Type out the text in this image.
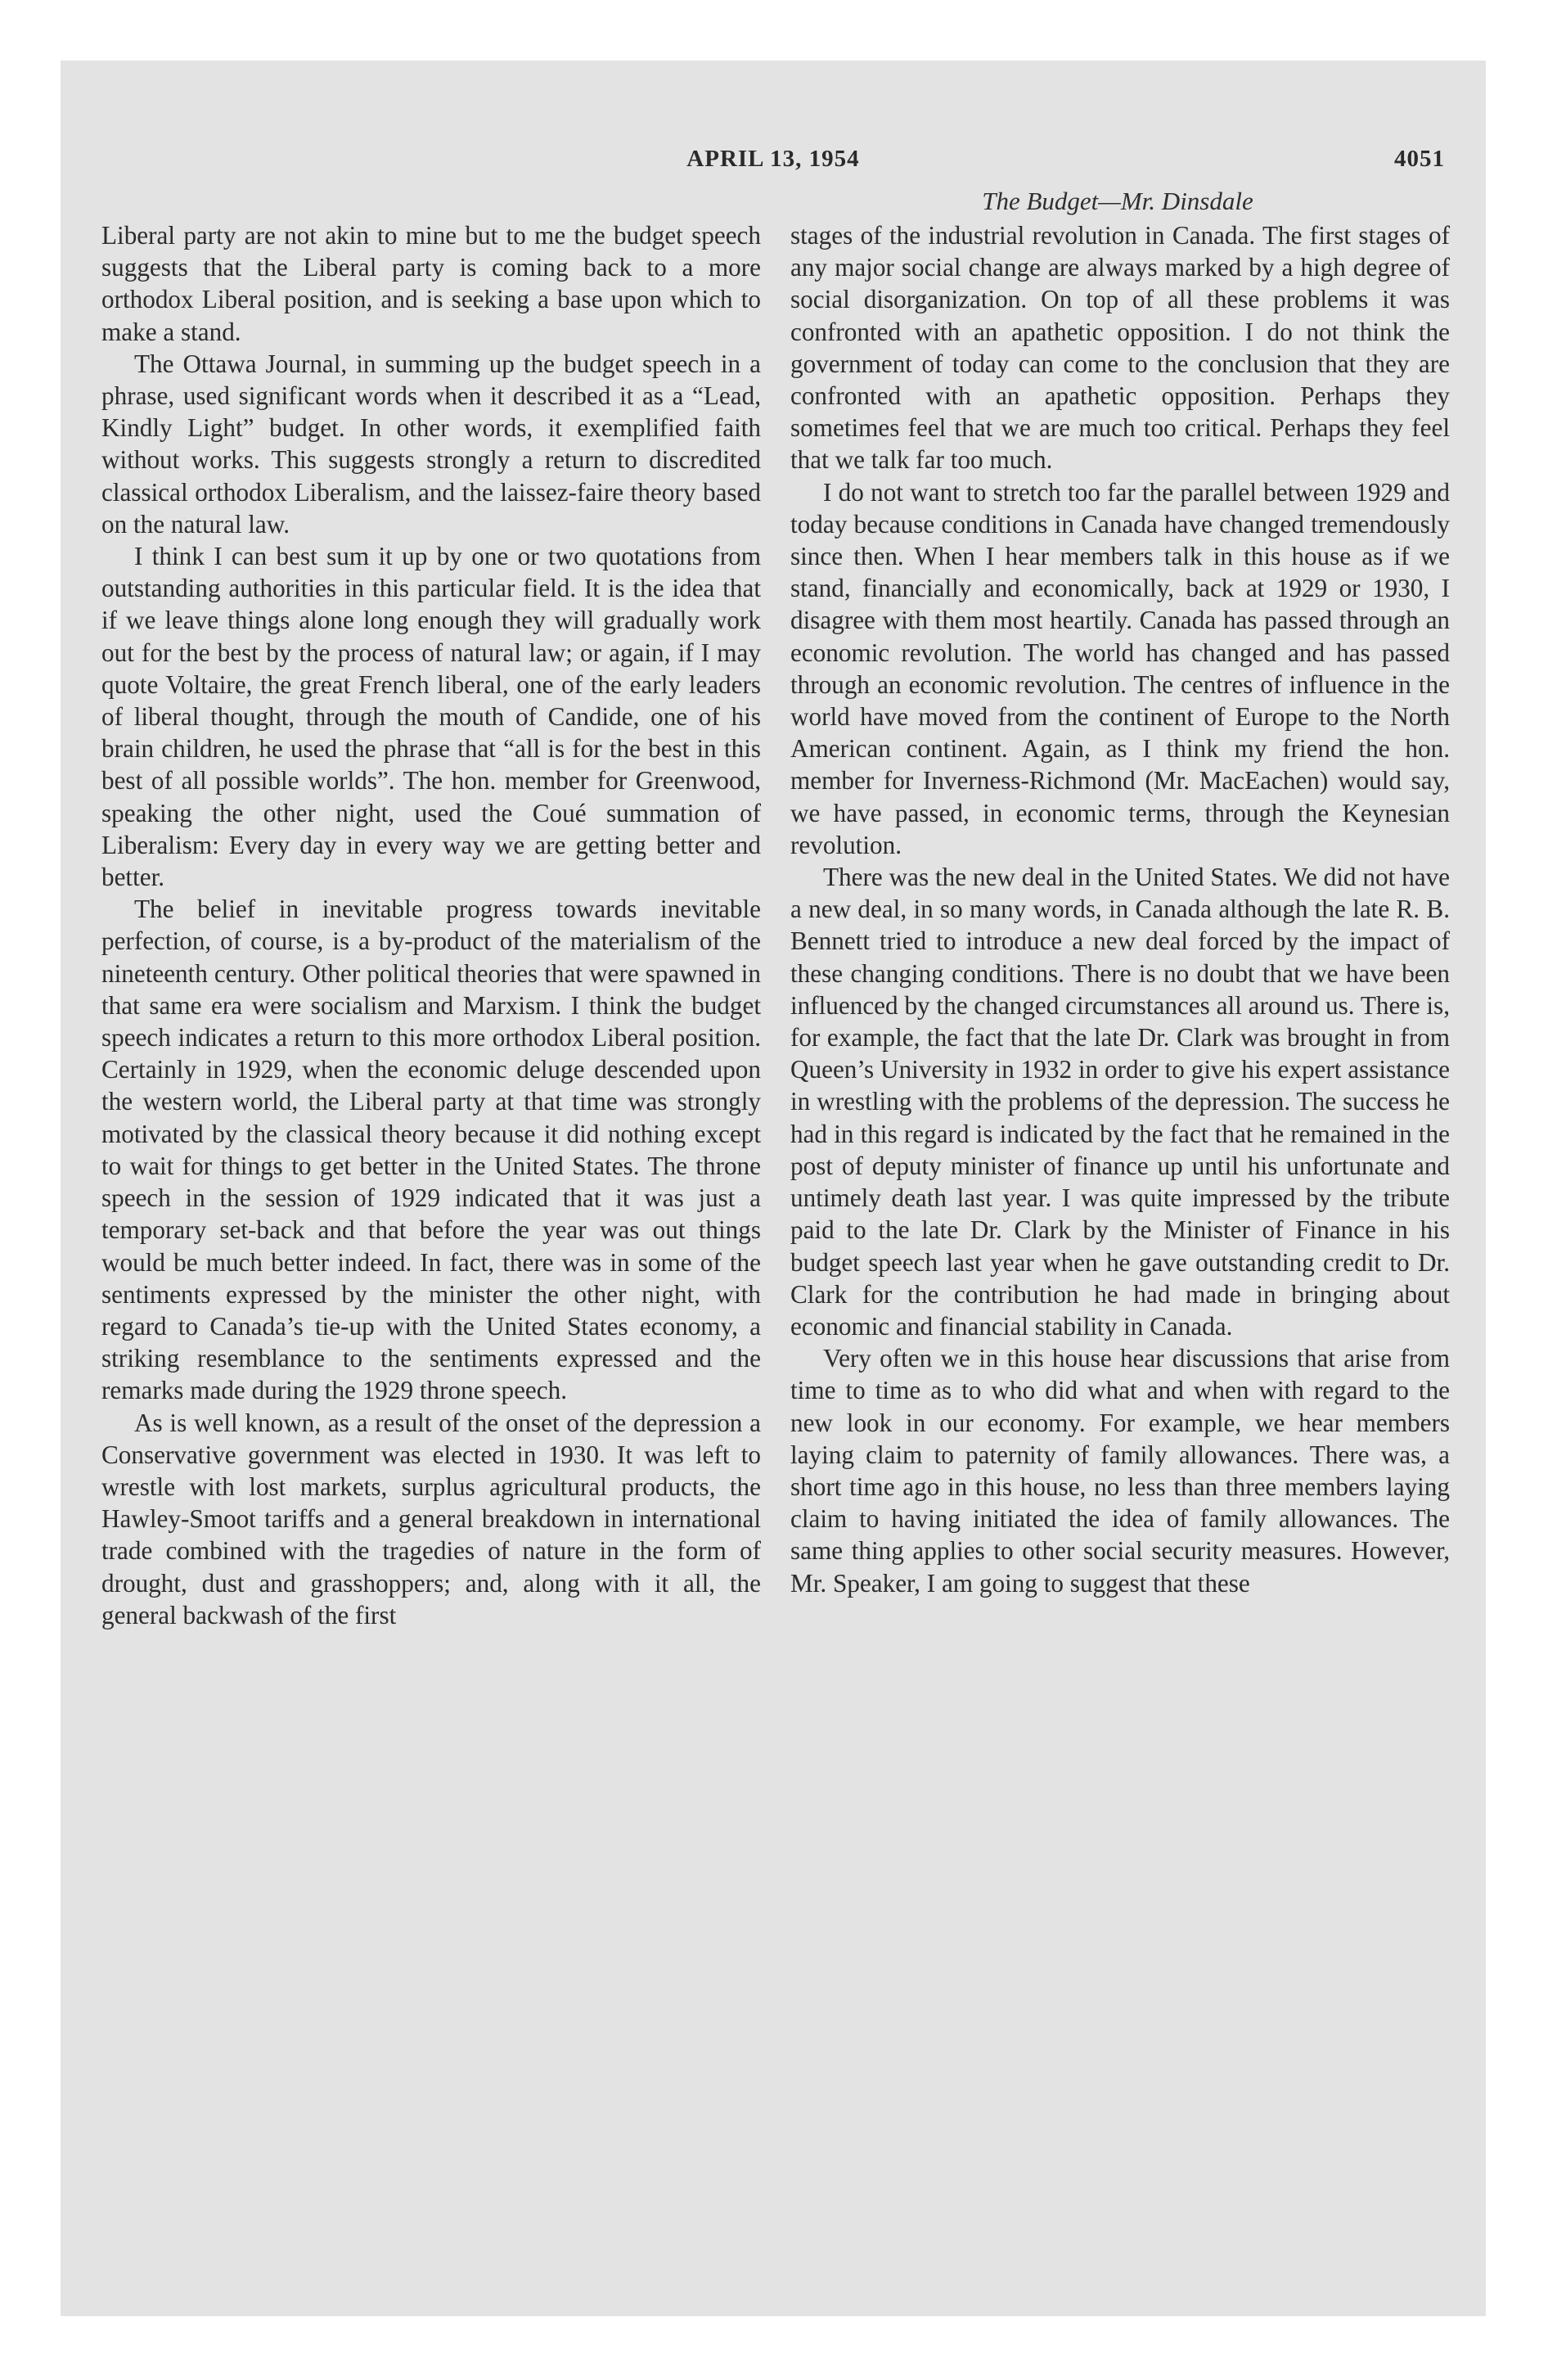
APRIL 13, 1954	4051
The Budget—Mr. Dinsdale

Liberal party are not akin to mine but to me the budget speech suggests that the Liberal party is coming back to a more orthodox Liberal position, and is seeking a base upon which to make a stand.

The Ottawa Journal, in summing up the budget speech in a phrase, used significant words when it described it as a “Lead, Kindly Light” budget. In other words, it exemplified faith without works. This suggests strongly a return to discredited classical orthodox Liberalism, and the laissez-faire theory based on the natural law.

I think I can best sum it up by one or two quotations from outstanding authorities in this particular field. It is the idea that if we leave things alone long enough they will gradually work out for the best by the process of natural law; or again, if I may quote Voltaire, the great French liberal, one of the early leaders of liberal thought, through the mouth of Candide, one of his brain children, he used the phrase that “all is for the best in this best of all possible worlds”. The hon. member for Greenwood, speaking the other night, used the Coué summation of Liberalism: Every day in every way we are getting better and better.

The belief in inevitable progress towards inevitable perfection, of course, is a by-product of the materialism of the nineteenth century. Other political theories that were spawned in that same era were socialism and Marxism. I think the budget speech indicates a return to this more orthodox Liberal position. Certainly in 1929, when the economic deluge descended upon the western world, the Liberal party at that time was strongly motivated by the classical theory because it did nothing except to wait for things to get better in the United States. The throne speech in the session of 1929 indicated that it was just a temporary set-back and that before the year was out things would be much better indeed. In fact, there was in some of the sentiments expressed by the minister the other night, with regard to Canada’s tie-up with the United States economy, a striking resemblance to the sentiments expressed and the remarks made during the 1929 throne speech.

As is well known, as a result of the onset of the depression a Conservative government was elected in 1930. It was left to wrestle with lost markets, surplus agricultural products, the Hawley-Smoot tariffs and a general breakdown in international trade combined with the tragedies of nature in the form of drought, dust and grasshoppers; and, along with it all, the general backwash of the first

stages of the industrial revolution in Canada. The first stages of any major social change are always marked by a high degree of social disorganization. On top of all these problems it was confronted with an apathetic opposition. I do not think the government of today can come to the conclusion that they are confronted with an apathetic opposition. Perhaps they sometimes feel that we are much too critical. Perhaps they feel that we talk far too much.

I do not want to stretch too far the parallel between 1929 and today because conditions in Canada have changed tremendously since then. When I hear members talk in this house as if we stand, financially and economically, back at 1929 or 1930, I disagree with them most heartily. Canada has passed through an economic revolution. The world has changed and has passed through an economic revolution. The centres of influence in the world have moved from the continent of Europe to the North American continent. Again, as I think my friend the hon. member for Inverness-Richmond (Mr. MacEachen) would say, we have passed, in economic terms, through the Keynesian revolution.

There was the new deal in the United States. We did not have a new deal, in so many words, in Canada although the late R. B. Bennett tried to introduce a new deal forced by the impact of these changing conditions. There is no doubt that we have been influenced by the changed circumstances all around us. There is, for example, the fact that the late Dr. Clark was brought in from Queen’s University in 1932 in order to give his expert assistance in wrestling with the problems of the depression. The success he had in this regard is indicated by the fact that he remained in the post of deputy minister of finance up until his unfortunate and untimely death last year. I was quite impressed by the tribute paid to the late Dr. Clark by the Minister of Finance in his budget speech last year when he gave outstanding credit to Dr. Clark for the contribution he had made in bringing about economic and financial stability in Canada.

Very often we in this house hear discussions that arise from time to time as to who did what and when with regard to the new look in our economy. For example, we hear members laying claim to paternity of family allowances. There was, a short time ago in this house, no less than three members laying claim to having initiated the idea of family allowances. The same thing applies to other social security measures. However, Mr. Speaker, I am going to suggest that these
